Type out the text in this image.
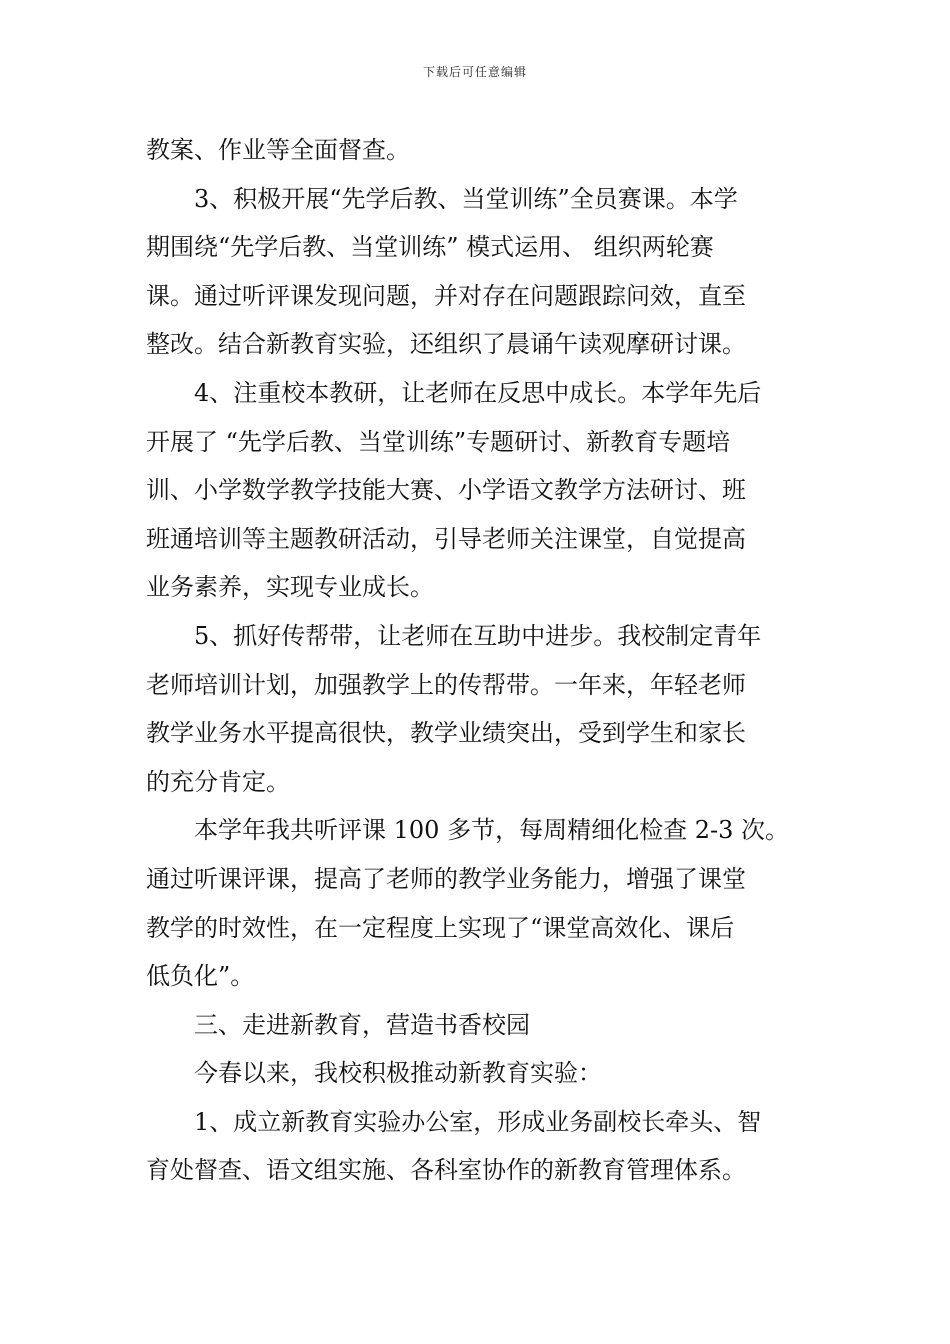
下载后可任意编辑
教案、作业等全面督查。
3、积极开展“先学后教、当堂训练”全员赛课。本学
期围绕“先学后教、当堂训练” 模式运用、 组织两轮赛
课。通过听评课发现问题，并对存在问题跟踪问效，直至
整改。结合新教育实验，还组织了晨诵午读观摩研讨课。
4、注重校本教研，让老师在反思中成长。本学年先后
开展了 “先学后教、当堂训练”专题研讨、新教育专题培
训、小学数学教学技能大赛、小学语文教学方法研讨、班
班通培训等主题教研活动，引导老师关注课堂，自觉提高
业务素养，实现专业成长。
5、抓好传帮带，让老师在互助中进步。我校制定青年
老师培训计划，加强教学上的传帮带。一年来，年轻老师
教学业务水平提高很快，教学业绩突出，受到学生和家长
的充分肯定。
本学年我共听评课 100 多节，每周精细化检查 2-3 次。
通过听课评课，提高了老师的教学业务能力，增强了课堂
教学的时效性，在一定程度上实现了“课堂高效化、课后
低负化”。
三、走进新教育，营造书香校园
今春以来，我校积极推动新教育实验：
1、成立新教育实验办公室，形成业务副校长牵头、智
育处督查、语文组实施、各科室协作的新教育管理体系。
